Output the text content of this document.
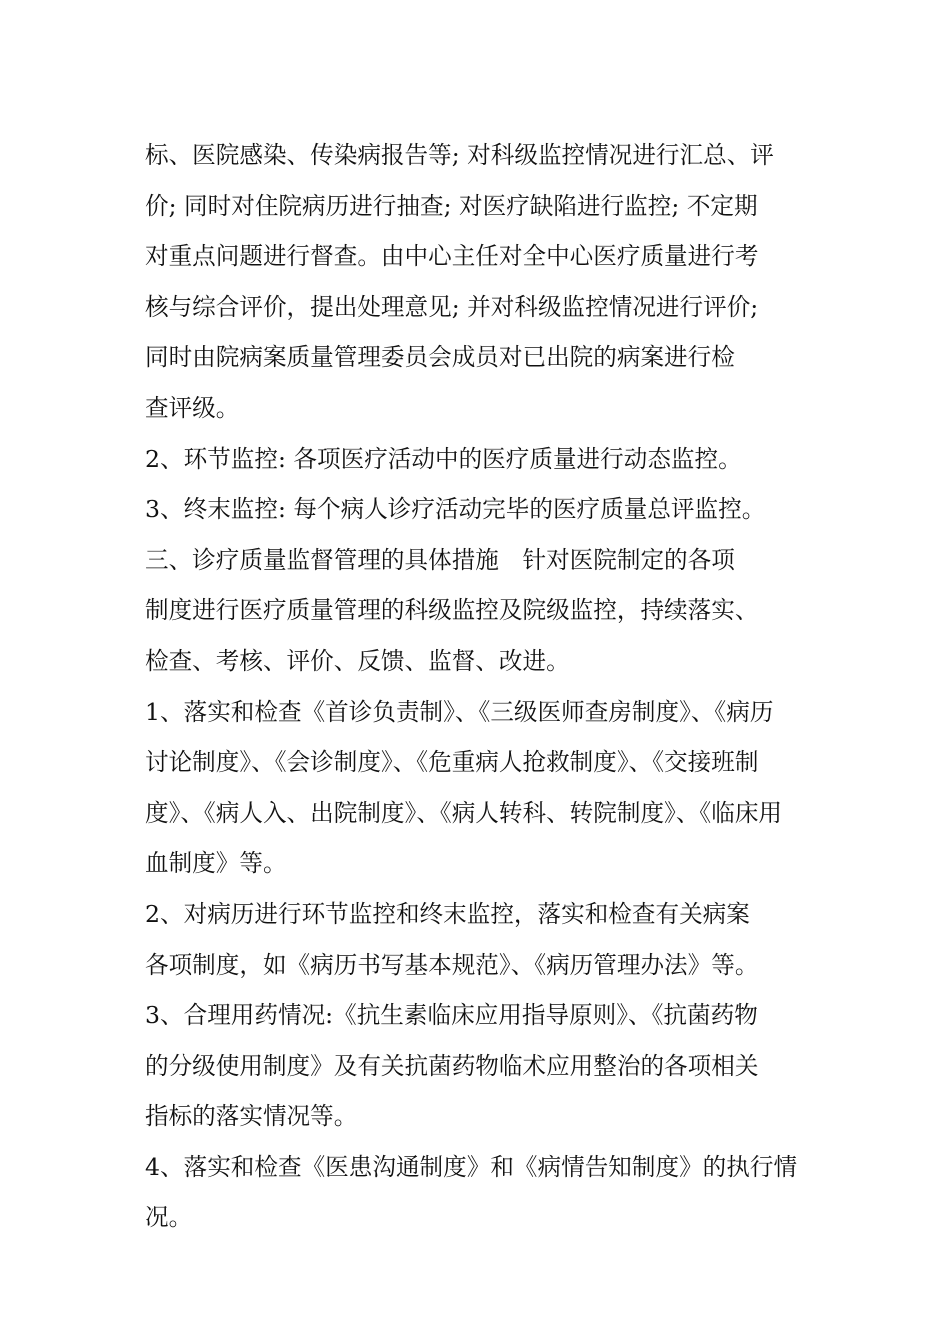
标、医院感染、传染病报告等; 对科级监控情况进行汇总、评
价; 同时对住院病历进行抽查; 对医疗缺陷进行监控; 不定期
对重点问题进行督查。由中心主任对全中心医疗质量进行考
核与综合评价，提出处理意见; 并对科级监控情况进行评价;
同时由院病案质量管理委员会成员对已出院的病案进行检
查评级。
2、环节监控: 各项医疗活动中的医疗质量进行动态监控。
3、终末监控: 每个病人诊疗活动完毕的医疗质量总评监控。
三、诊疗质量监督管理的具体措施　针对医院制定的各项
制度进行医疗质量管理的科级监控及院级监控，持续落实、
检查、考核、评价、反馈、监督、改进。
1、落实和检查《首诊负责制》、《三级医师查房制度》、《病历
讨论制度》、《会诊制度》、《危重病人抢救制度》、《交接班制
度》、《病人入、出院制度》、《病人转科、转院制度》、《临床用
血制度》等。
2、对病历进行环节监控和终末监控，落实和检查有关病案
各项制度，如《病历书写基本规范》、《病历管理办法》等。
3、合理用药情况:《抗生素临床应用指导原则》、《抗菌药物
的分级使用制度》及有关抗菌药物临术应用整治的各项相关
指标的落实情况等。
4、落实和检查《医患沟通制度》和《病情告知制度》的执行情
况。
